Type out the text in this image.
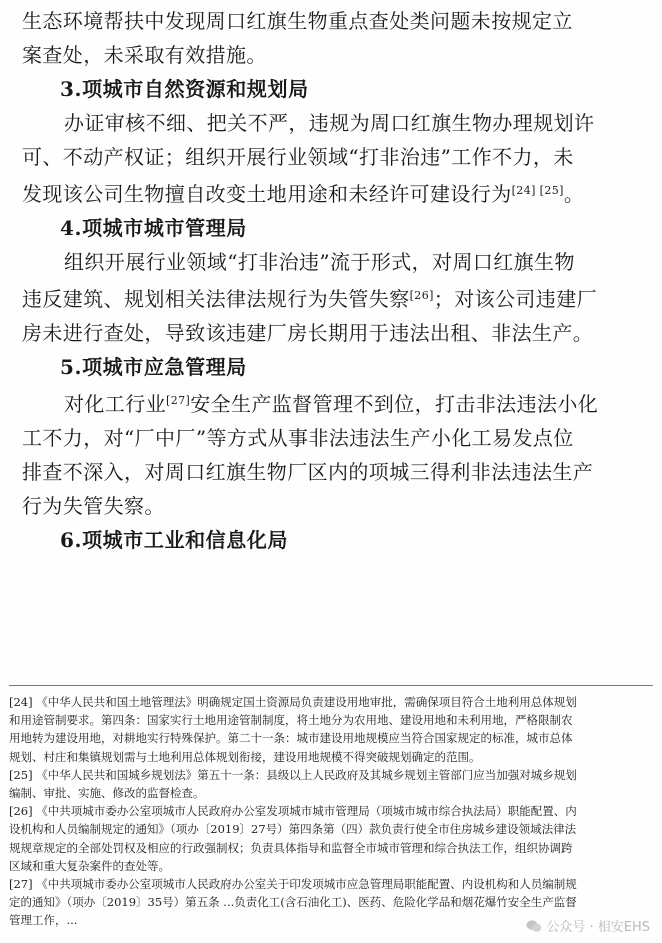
生态环境帮扶中发现周口红旗生物重点查处类问题未按规定立
案查处，未采取有效措施。
3.项城市自然资源和规划局
办证审核不细、把关不严，违规为周口红旗生物办理规划许
可、不动产权证；组织开展行业领域“打非治违”工作不力，未
发现该公司生物擅自改变土地用途和未经许可建设行为[24] [25]。
4.项城市城市管理局
组织开展行业领域“打非治违”流于形式，对周口红旗生物
违反建筑、规划相关法律法规行为失管失察[26]；对该公司违建厂
房未进行查处，导致该违建厂房长期用于违法出租、非法生产。
5.项城市应急管理局
对化工行业[27]安全生产监督管理不到位，打击非法违法小化
工不力，对“厂中厂”等方式从事非法违法生产小化工易发点位
排查不深入，对周口红旗生物厂区内的项城三得利非法违法生产
行为失管失察。
6.项城市工业和信息化局
[24] 《中华人民共和国土地管理法》明确规定国土资源局负责建设用地审批，需确保项目符合土地利用总体规划
和用途管制要求。第四条：国家实行土地用途管制制度，将土地分为农用地、建设用地和未利用地，严格限制农
用地转为建设用地，对耕地实行特殊保护。第二十一条：城市建设用地规模应当符合国家规定的标准，城市总体
规划、村庄和集镇规划需与土地利用总体规划衔接，建设用地规模不得突破规划确定的范围。
[25] 《中华人民共和国城乡规划法》第五十一条：县级以上人民政府及其城乡规划主管部门应当加强对城乡规划
编制、审批、实施、修改的监督检查。
[26] 《中共项城市委办公室项城市人民政府办公室发项城市城市管理局（项城市城市综合执法局）职能配置、内
设机构和人员编制规定的通知》（项办〔2019〕27号）第四条第（四）款负责行使全市住房城乡建设领域法律法
规规章规定的全部处罚权及相应的行政强制权；负责具体指导和监督全市城市管理和综合执法工作，组织协调跨
区域和重大复杂案件的查处等。
[27] 《中共项城市委办公室项城市人民政府办公室关于印发项城市应急管理局职能配置、内设机构和人员编制规
定的通知》（项办〔2019〕35号）第五条 ...负责化工(含石油化工)、医药、危险化学品和烟花爆竹安全生产监督
管理工作，...	公众号 · 相安EHS
